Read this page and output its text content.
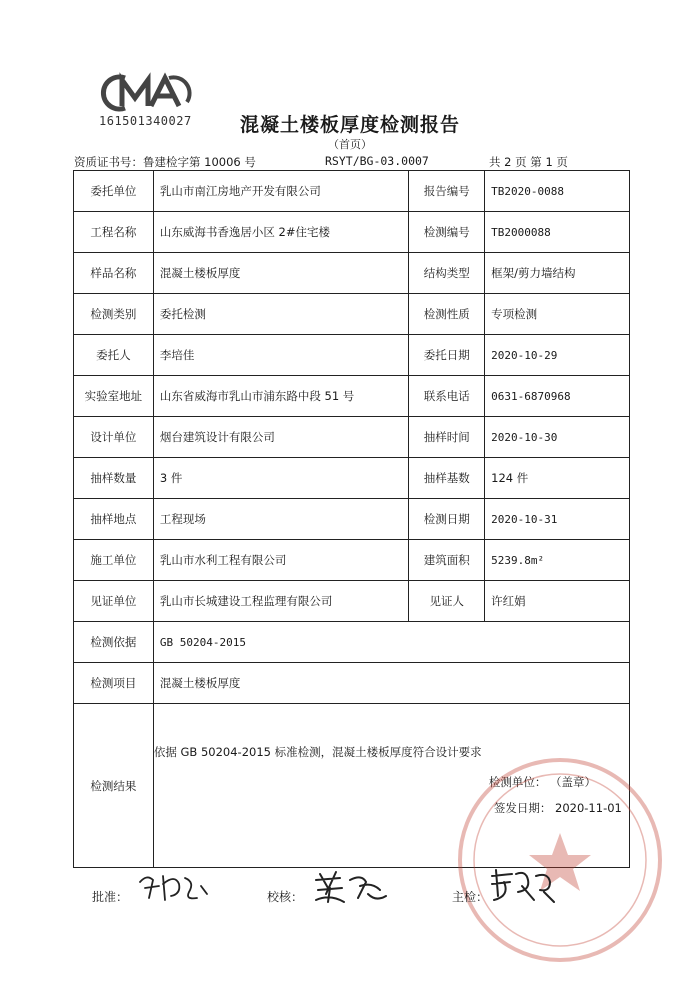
161501340027	混凝土楼板厚度检测报告
（首页）
资质证书号：鲁建检字第 10006 号	RSYT/BG-03.0007	共 2 页 第 1 页
委托单位	乳山市南江房地产开发有限公司	报告编号	TB2020-0088
工程名称	山东威海书香逸居小区 2#住宅楼	检测编号	TB2000088
样品名称	混凝土楼板厚度	结构类型	框架/剪力墙结构
检测类别	委托检测	检测性质	专项检测
委托人	李培佳	委托日期	2020-10-29
实验室地址	山东省威海市乳山市浦东路中段 51 号	联系电话	0631-6870968
设计单位	烟台建筑设计有限公司	抽样时间	2020-10-30
抽样数量	3 件	抽样基数	124 件
抽样地点	工程现场	检测日期	2020-10-31
施工单位	乳山市水利工程有限公司	建筑面积	5239.8m²
见证单位	乳山市长城建设工程监理有限公司	见证人	许红娟
检测依据	GB 50204-2015		
检测项目	混凝土楼板厚度		
检测结果	依据 GB 50204-2015 标准检测，混凝土楼板厚度符合设计要求
检测单位： （盖章）
签发日期： 2020-11-01		
批准：	校核：	主检：
